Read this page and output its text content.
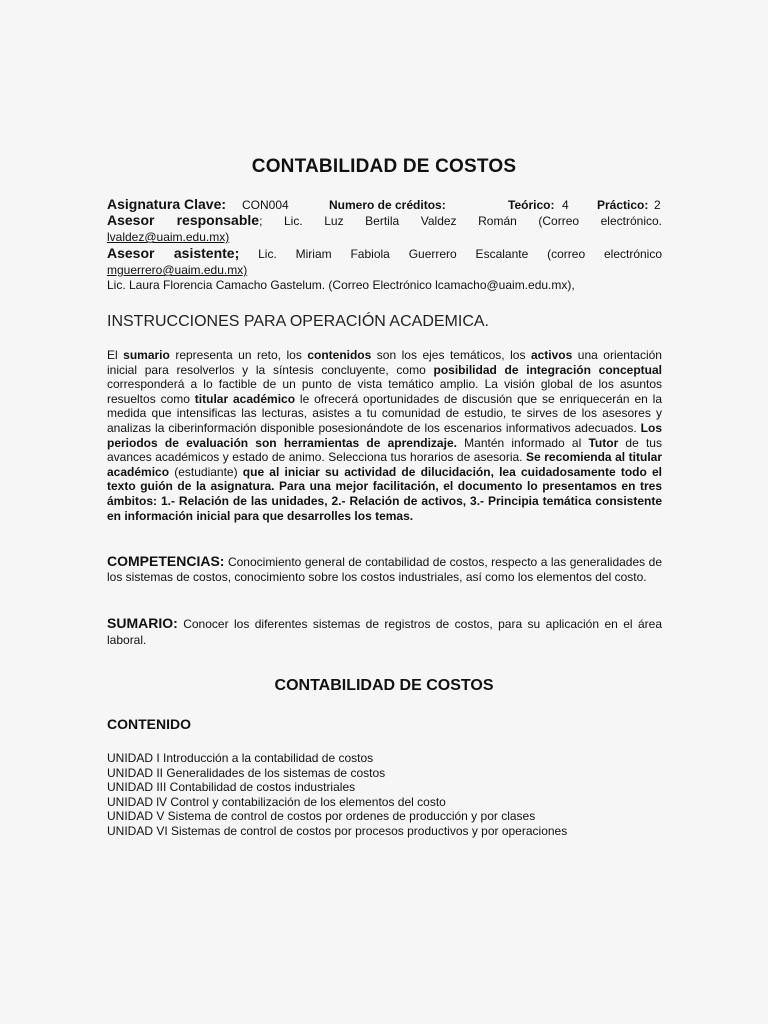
CONTABILIDAD DE COSTOS
Asignatura Clave: CON004	Numero de créditos:	Teórico: 4 Práctico: 2
Asesor responsable; Lic. Luz Bertila Valdez Román (Correo electrónico.
lvaldez@uaim.edu.mx)
Asesor asistente; Lic. Miriam Fabiola Guerrero Escalante (correo electrónico
mguerrero@uaim.edu.mx)
Lic. Laura Florencia Camacho Gastelum. (Correo Electrónico lcamacho@uaim.edu.mx),
INSTRUCCIONES PARA OPERACIÓN ACADEMICA.
El sumario representa un reto, los contenidos son los ejes temáticos, los activos una orientación inicial para resolverlos y la síntesis concluyente, como posibilidad de integración conceptual corresponderá a lo factible de un punto de vista temático amplio. La visión global de los asuntos resueltos como titular académico le ofrecerá oportunidades de discusión que se enriquecerán en la medida que intensificas las lecturas, asistes a tu comunidad de estudio, te sirves de los asesores y analizas la ciberinformación disponible posesionándote de los escenarios informativos adecuados. Los periodos de evaluación son herramientas de aprendizaje. Mantén informado al Tutor de tus avances académicos y estado de animo. Selecciona tus horarios de asesoria. Se recomienda al titular académico (estudiante) que al iniciar su actividad de dilucidación, lea cuidadosamente todo el texto guión de la asignatura. Para una mejor facilitación, el documento lo presentamos en tres ámbitos: 1.- Relación de las unidades, 2.- Relación de activos, 3.- Principia temática consistente en información inicial para que desarrolles los temas.
COMPETENCIAS: Conocimiento general de contabilidad de costos, respecto a las generalidades de los sistemas de costos, conocimiento sobre los costos industriales, así como los elementos del costo.
SUMARIO: Conocer los diferentes sistemas de registros de costos, para su aplicación en el área laboral.
CONTABILIDAD DE COSTOS
CONTENIDO
UNIDAD I Introducción a la contabilidad de costos
UNIDAD II Generalidades de los sistemas de costos
UNIDAD III Contabilidad de costos industriales
UNIDAD lV Control y contabilización de los elementos del costo
UNIDAD V Sistema de control de costos por ordenes de producción y por clases
UNIDAD VI Sistemas de control de costos por procesos productivos y por operaciones
